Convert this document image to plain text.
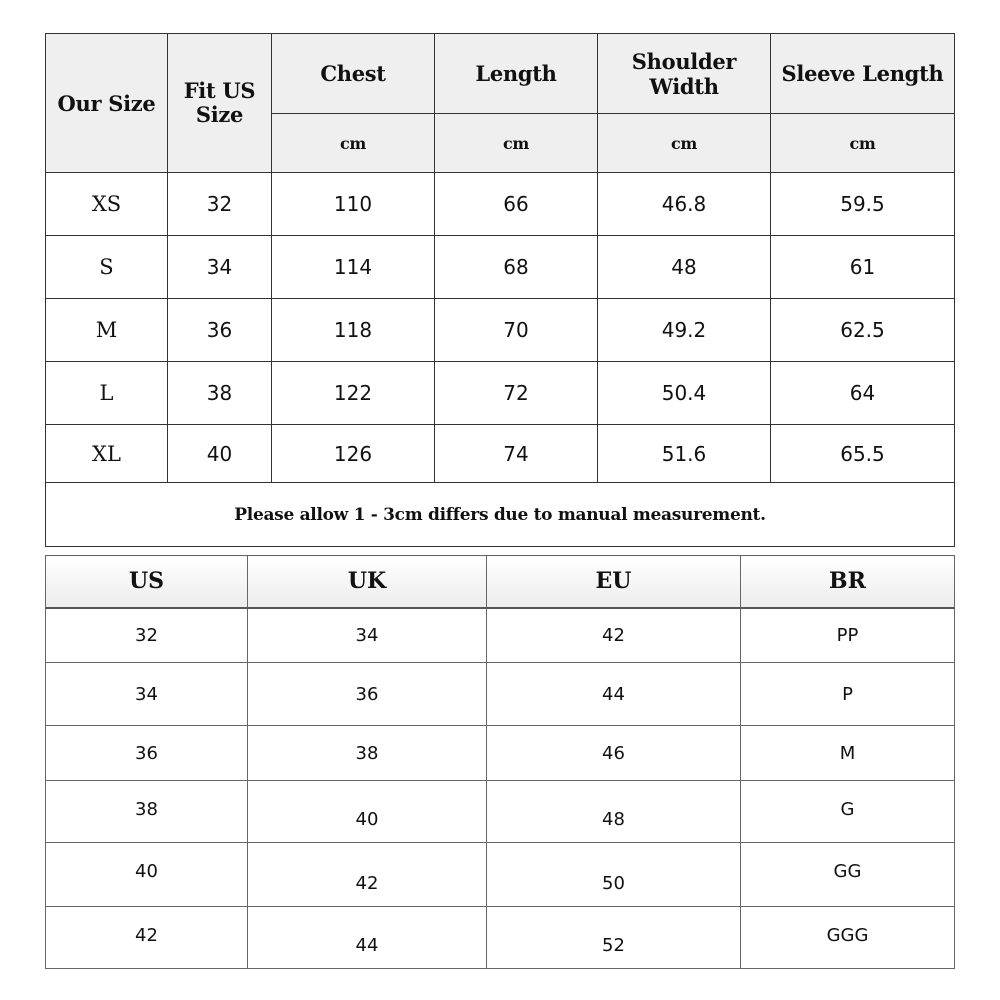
Our Size	Fit US Size	Chest	Length	Shoulder Width	Sleeve Length
		cm	cm	cm	cm
XS	32	110	66	46.8	59.5
S	34	114	68	48	61
M	36	118	70	49.2	62.5
L	38	122	72	50.4	64
XL	40	126	74	51.6	65.5
Please allow 1 - 3cm differs due to manual measurement.					
US	UK	EU	BR
32	34	42	PP
34	36	44	P
36	38	46	M
38	40	48	G
40	42	50	GG
42	44	52	GGG
